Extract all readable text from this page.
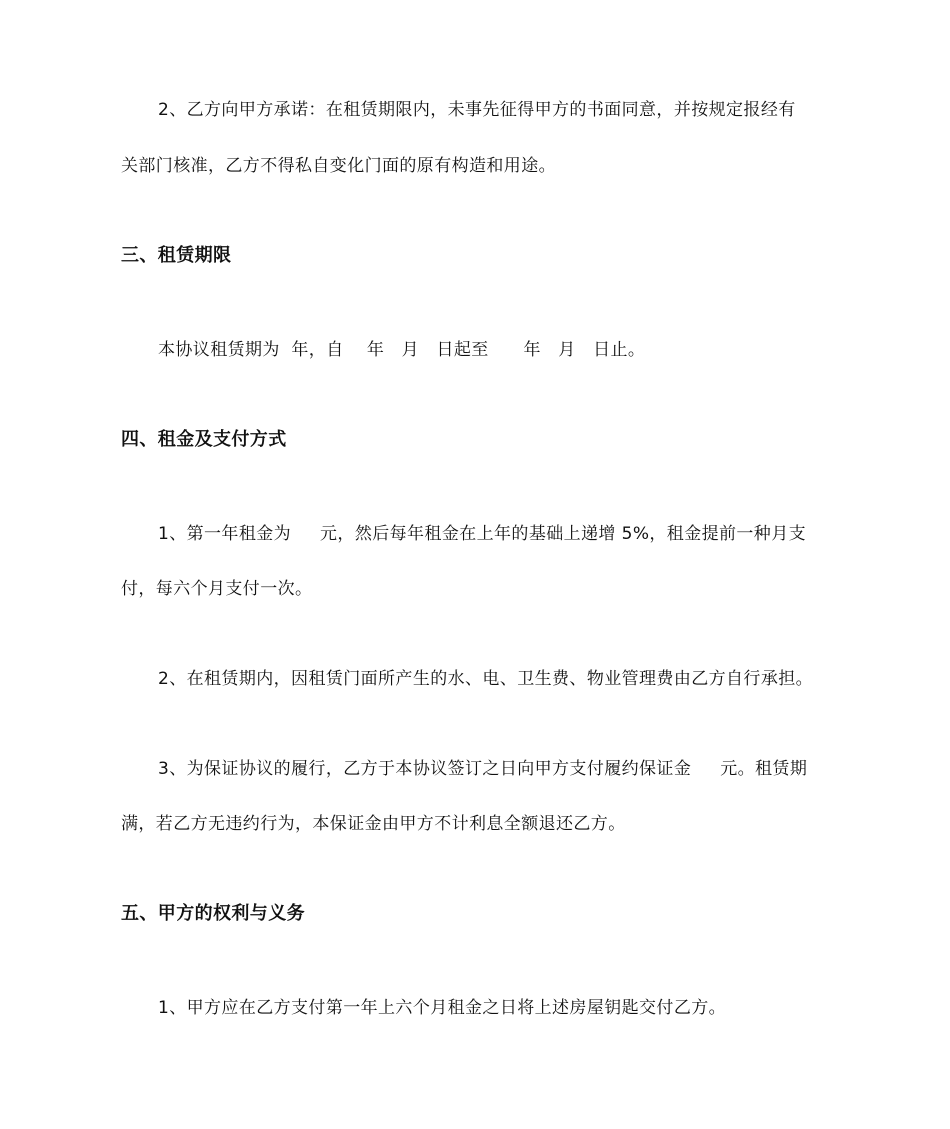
2、乙方向甲方承诺：在租赁期限内，未事先征得甲方的书面同意，并按规定报经有
关部门核准，乙方不得私自变化门面的原有构造和用途。
三、租赁期限
本协议租赁期为  年，自    年   月   日起至      年   月   日止。
四、租金及支付方式
1、第一年租金为     元，然后每年租金在上年的基础上递增 5%，租金提前一种月支
付，每六个月支付一次。
2、在租赁期内，因租赁门面所产生的水、电、卫生费、物业管理费由乙方自行承担。
3、为保证协议的履行，乙方于本协议签订之日向甲方支付履约保证金     元。租赁期
满，若乙方无违约行为，本保证金由甲方不计利息全额退还乙方。
五、甲方的权利与义务
1、甲方应在乙方支付第一年上六个月租金之日将上述房屋钥匙交付乙方。
